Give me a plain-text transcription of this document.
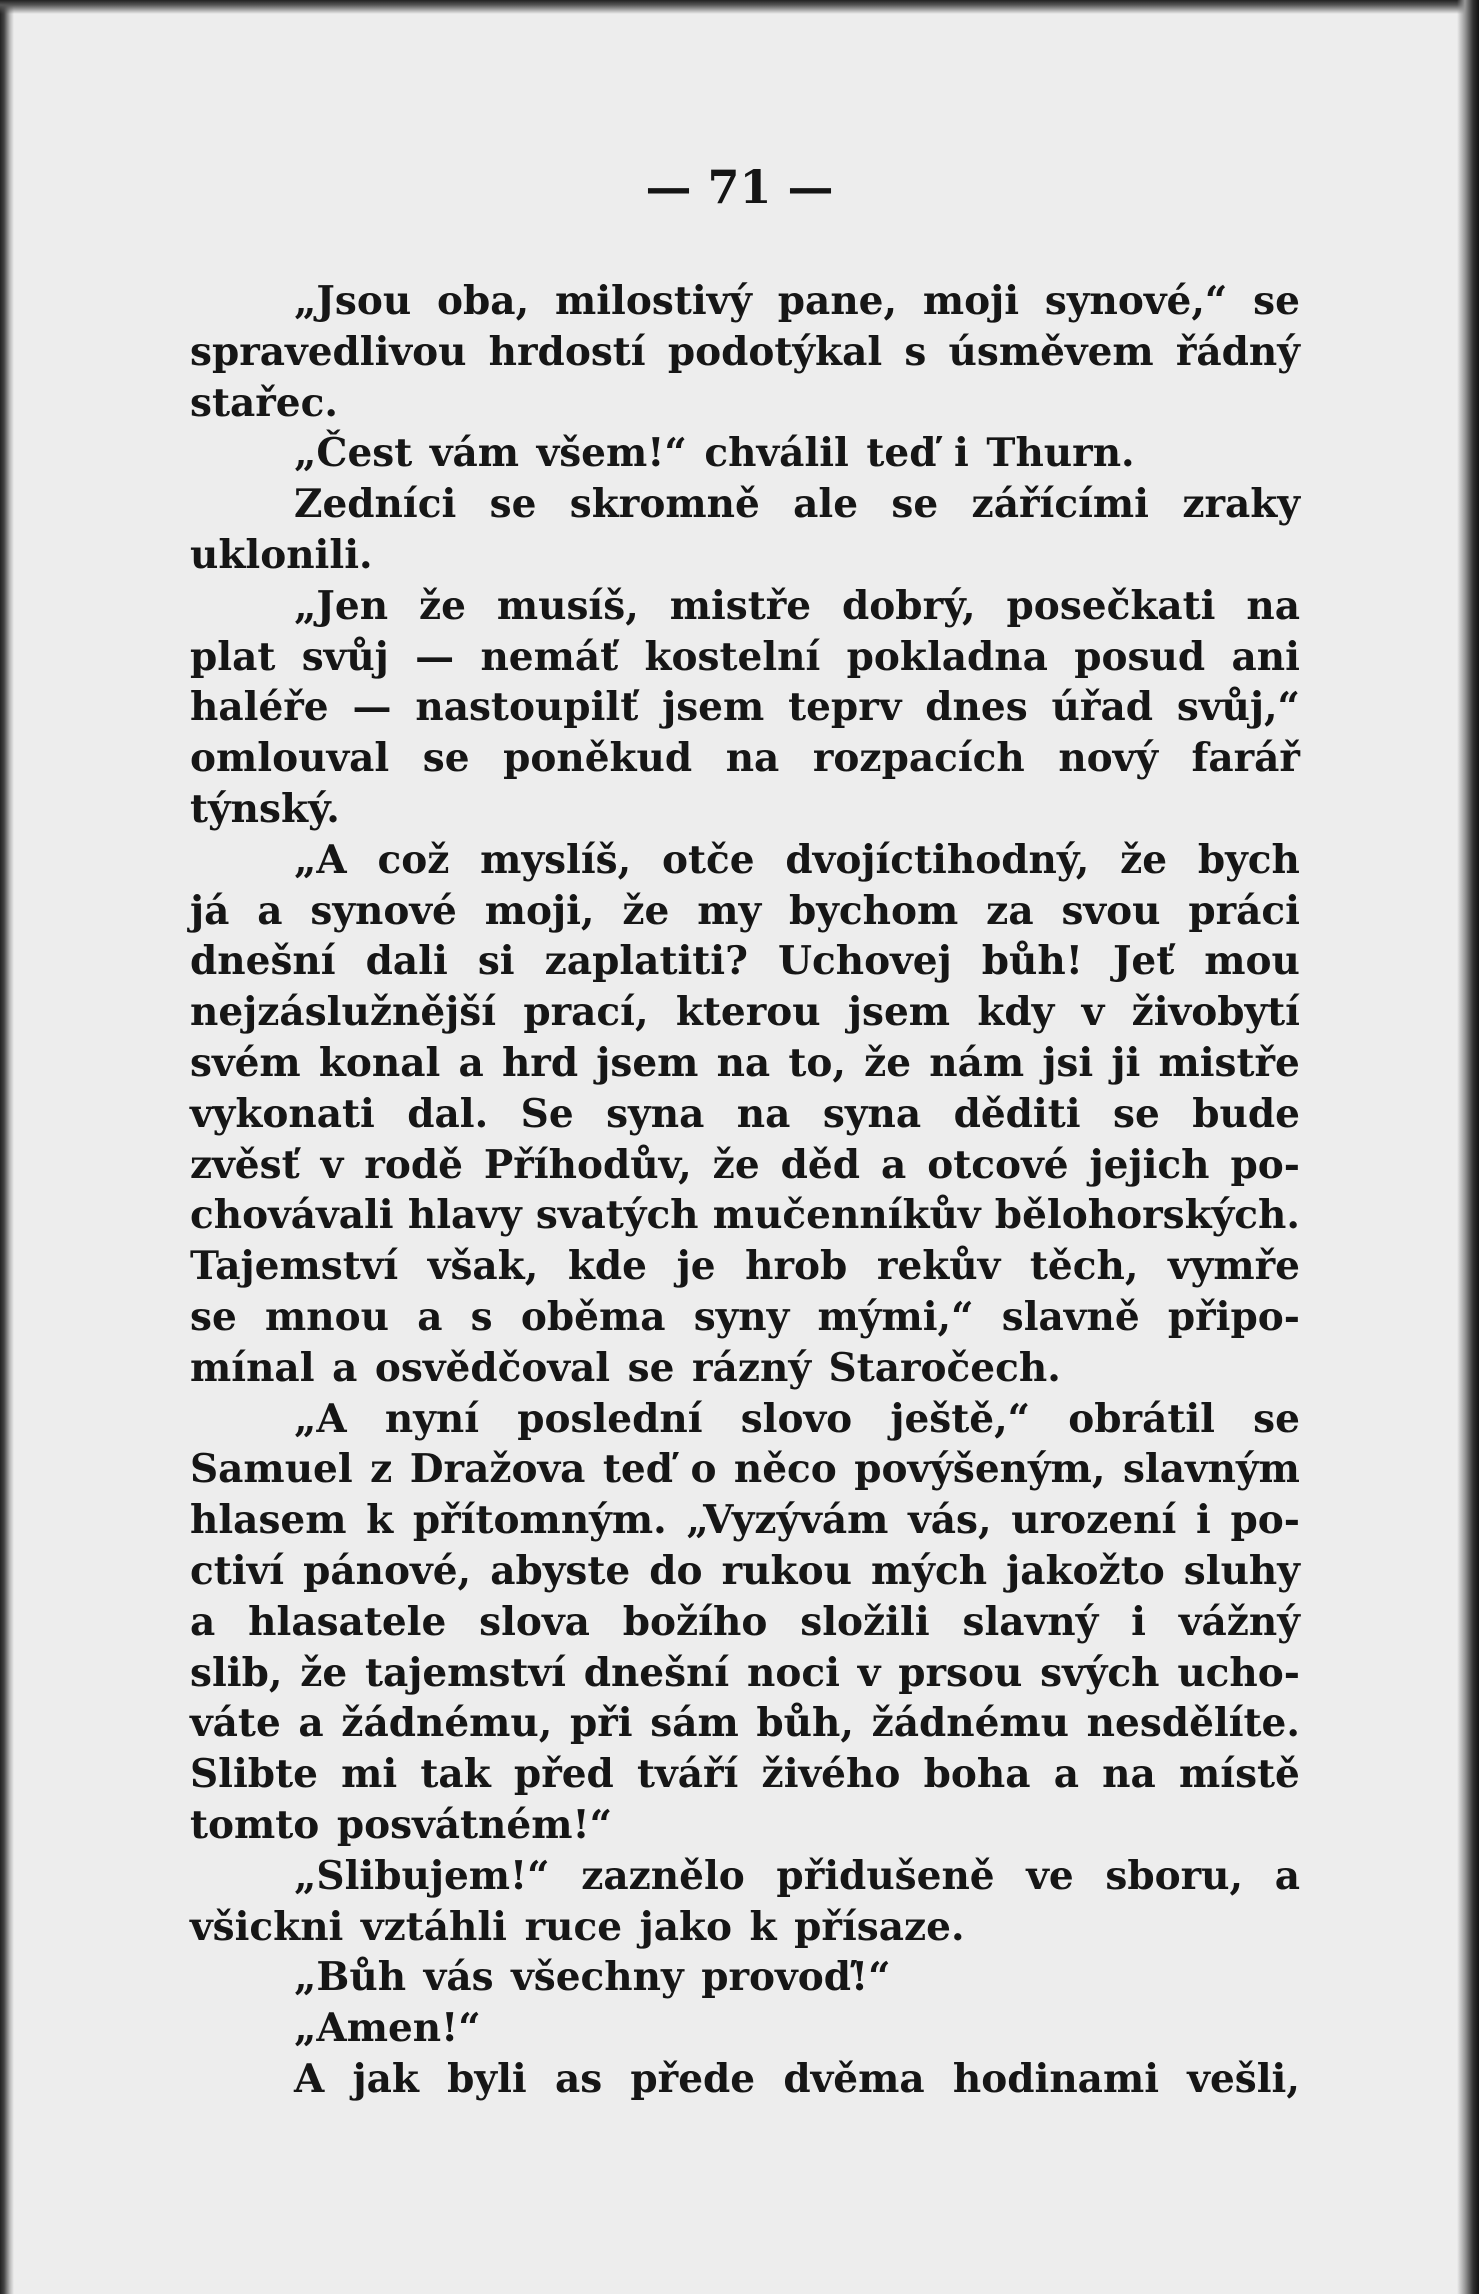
— 71 —
„Jsou oba, milostivý pane, moji synové,“ se
spravedlivou hrdostí podotýkal s úsměvem řádný
stařec.
„Čest vám všem!“ chválil teď i Thurn.
Zedníci se skromně ale se zářícími zraky
uklonili.
„Jen že musíš, mistře dobrý, posečkati na
plat svůj — nemáť kostelní pokladna posud ani
haléře — nastoupilť jsem teprv dnes úřad svůj,“
omlouval se poněkud na rozpacích nový farář
týnský.
„A což myslíš, otče dvojíctihodný, že bych
já a synové moji, že my bychom za svou práci
dnešní dali si zaplatiti? Uchovej bůh! Jeť mou
nejzáslužnější prací, kterou jsem kdy v živobytí
svém konal a hrd jsem na to, že nám jsi ji mistře
vykonati dal. Se syna na syna děditi se bude
zvěsť v rodě Příhodův, že děd a otcové jejich po-
chovávali hlavy svatých mučenníkův bělohorských.
Tajemství však, kde je hrob rekův těch, vymře
se mnou a s oběma syny mými,“ slavně připo-
mínal a osvědčoval se rázný Staročech.
„A nyní poslední slovo ještě,“ obrátil se
Samuel z Dražova teď o něco povýšeným, slavným
hlasem k přítomným. „Vyzývám vás, urození i po-
ctiví pánové, abyste do rukou mých jakožto sluhy
a hlasatele slova božího složili slavný i vážný
slib, že tajemství dnešní noci v prsou svých ucho-
váte a žádnému, při sám bůh, žádnému nesdělíte.
Slibte mi tak před tváří živého boha a na místě
tomto posvátném!“
„Slibujem!“ zaznělo přidušeně ve sboru, a
všickni vztáhli ruce jako k přísaze.
„Bůh vás všechny provoď!“
„Amen!“
A jak byli as přede dvěma hodinami vešli,
